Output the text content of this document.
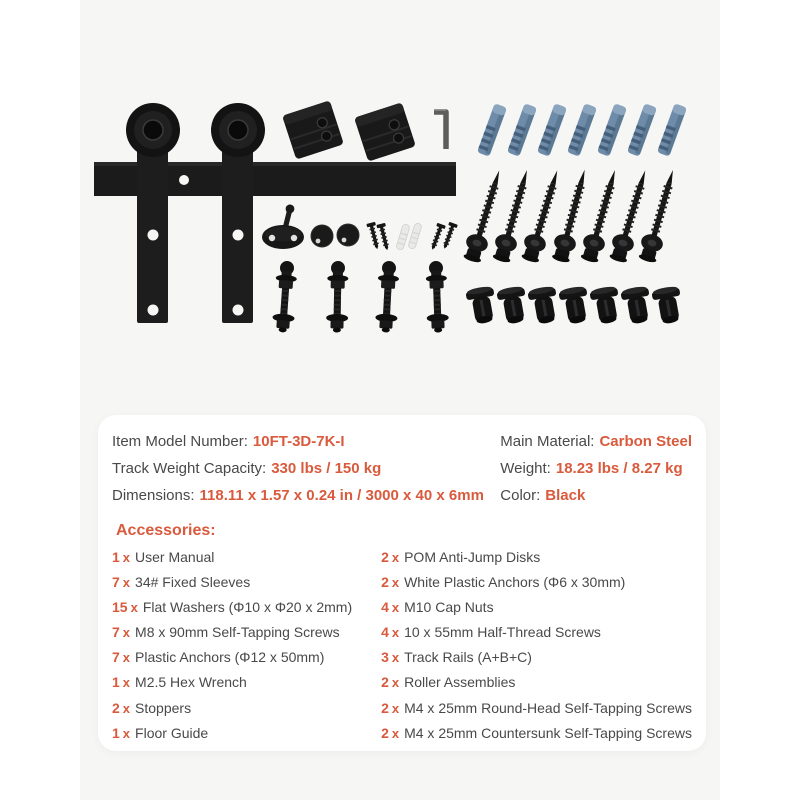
Item Model Number: 10FT-3D-7K-I
Track Weight Capacity: 330 lbs / 150 kg
Dimensions: 118.11 x 1.57 x 0.24 in / 3000 x 40 x 6mm
Main Material: Carbon Steel
Weight: 18.23 lbs / 8.27 kg
Color: Black
Accessories:
1 x User Manual
7 x 34# Fixed Sleeves
15 x Flat Washers (Φ10 x Φ20 x 2mm)
7 x M8 x 90mm Self-Tapping Screws
7 x Plastic Anchors (Φ12 x 50mm)
1 x M2.5 Hex Wrench
2 x Stoppers
1 x Floor Guide
2 x POM Anti-Jump Disks
2 x White Plastic Anchors (Φ6 x 30mm)
4 x M10 Cap Nuts
4 x 10 x 55mm Half-Thread Screws
3 x Track Rails (A+B+C)
2 x Roller Assemblies
2 x M4 x 25mm Round-Head Self-Tapping Screws
2 x M4 x 25mm Countersunk Self-Tapping Screws
